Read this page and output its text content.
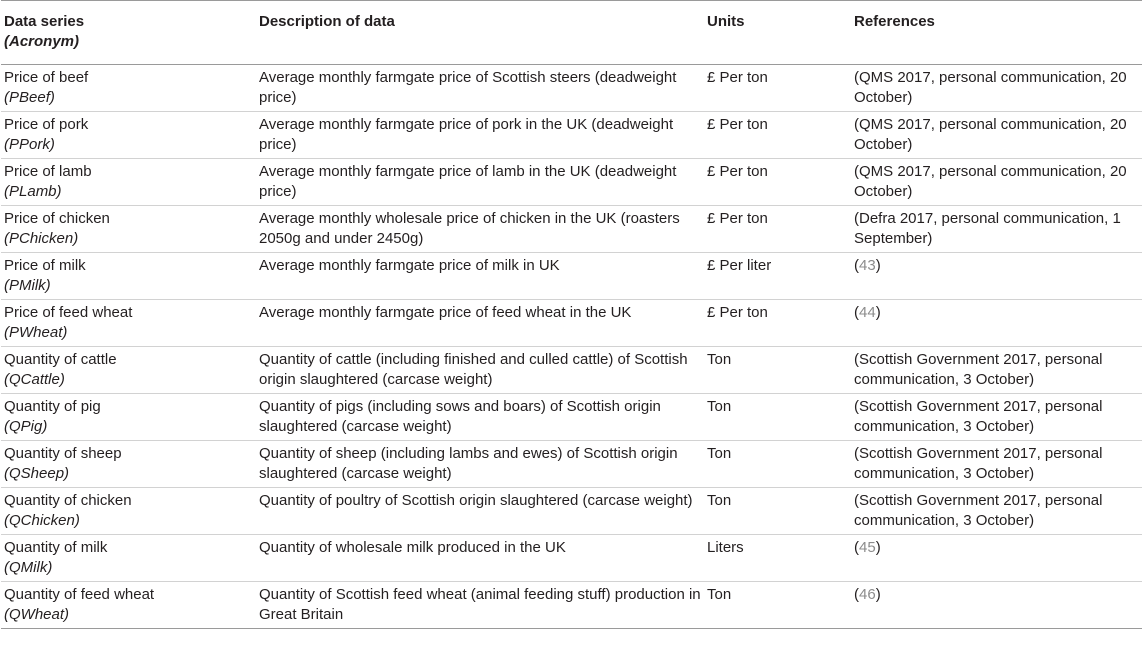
Data series
(Acronym)	Description of data	Units	References
Price of beef
(PBeef)	Average monthly farmgate price of Scottish steers (deadweight price)	£ Per ton	(QMS 2017, personal communication, 20 October)
Price of pork
(PPork)	Average monthly farmgate price of pork in the UK (deadweight price)	£ Per ton	(QMS 2017, personal communication, 20 October)
Price of lamb
(PLamb)	Average monthly farmgate price of lamb in the UK (deadweight price)	£ Per ton	(QMS 2017, personal communication, 20 October)
Price of chicken
(PChicken)	Average monthly wholesale price of chicken in the UK (roasters 2050g and under 2450g)	£ Per ton	(Defra 2017, personal communication, 1 September)
Price of milk
(PMilk)	Average monthly farmgate price of milk in UK	£ Per liter	(43)
Price of feed wheat
(PWheat)	Average monthly farmgate price of feed wheat in the UK	£ Per ton	(44)
Quantity of cattle
(QCattle)	Quantity of cattle (including finished and culled cattle) of Scottish origin slaughtered (carcase weight)	Ton	(Scottish Government 2017, personal communication, 3 October)
Quantity of pig
(QPig)	Quantity of pigs (including sows and boars) of Scottish origin slaughtered (carcase weight)	Ton	(Scottish Government 2017, personal communication, 3 October)
Quantity of sheep
(QSheep)	Quantity of sheep (including lambs and ewes) of Scottish origin slaughtered (carcase weight)	Ton	(Scottish Government 2017, personal communication, 3 October)
Quantity of chicken
(QChicken)	Quantity of poultry of Scottish origin slaughtered (carcase weight)	Ton	(Scottish Government 2017, personal communication, 3 October)
Quantity of milk
(QMilk)	Quantity of wholesale milk produced in the UK	Liters	(45)
Quantity of feed wheat
(QWheat)	Quantity of Scottish feed wheat (animal feeding stuff) production in Great Britain	Ton	(46)
